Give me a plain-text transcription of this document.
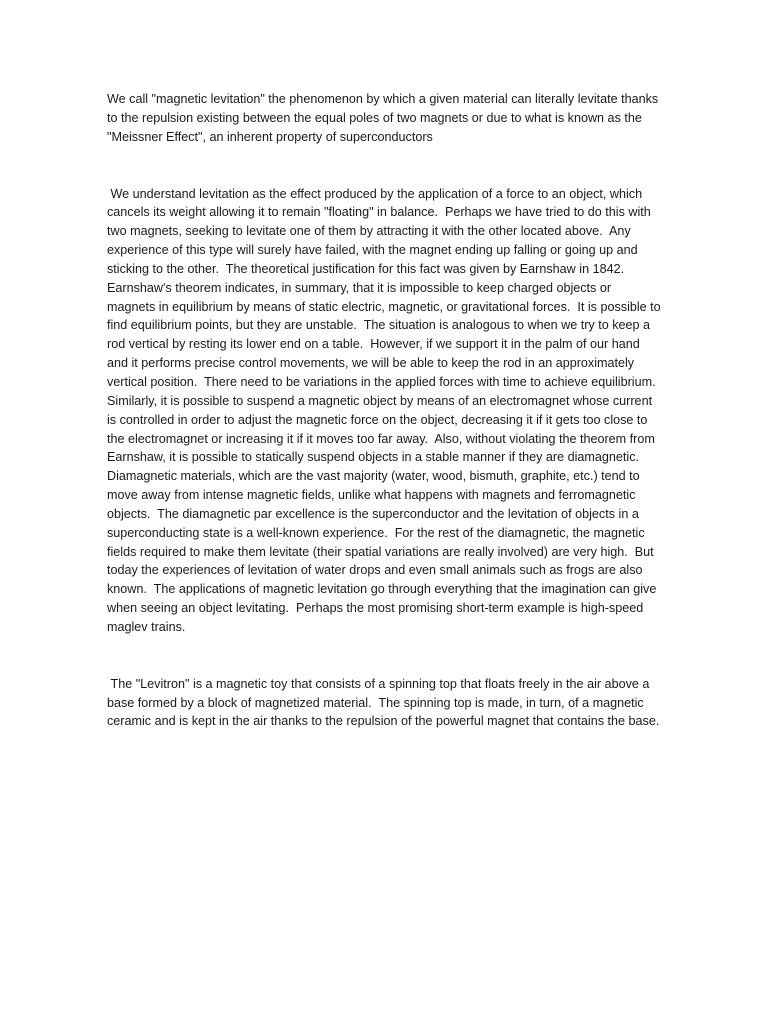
We call "magnetic levitation" the phenomenon by which a given material can literally levitate thanks to the repulsion existing between the equal poles of two magnets or due to what is known as the "Meissner Effect", an inherent property of superconductors

We understand levitation as the effect produced by the application of a force to an object, which cancels its weight allowing it to remain "floating" in balance.  Perhaps we have tried to do this with two magnets, seeking to levitate one of them by attracting it with the other located above.  Any experience of this type will surely have failed, with the magnet ending up falling or going up and sticking to the other.  The theoretical justification for this fact was given by Earnshaw in 1842.  Earnshaw's theorem indicates, in summary, that it is impossible to keep charged objects or magnets in equilibrium by means of static electric, magnetic, or gravitational forces.  It is possible to find equilibrium points, but they are unstable.  The situation is analogous to when we try to keep a rod vertical by resting its lower end on a table.  However, if we support it in the palm of our hand and it performs precise control movements, we will be able to keep the rod in an approximately vertical position.  There need to be variations in the applied forces with time to achieve equilibrium.  Similarly, it is possible to suspend a magnetic object by means of an electromagnet whose current is controlled in order to adjust the magnetic force on the object, decreasing it if it gets too close to the electromagnet or increasing it if it moves too far away.  Also, without violating the theorem from Earnshaw, it is possible to statically suspend objects in a stable manner if they are diamagnetic. Diamagnetic materials, which are the vast majority (water, wood, bismuth, graphite, etc.) tend to move away from intense magnetic fields, unlike what happens with magnets and ferromagnetic objects.  The diamagnetic par excellence is the superconductor and the levitation of objects in a superconducting state is a well-known experience.  For the rest of the diamagnetic, the magnetic fields required to make them levitate (their spatial variations are really involved) are very high.  But today the experiences of levitation of water drops and even small animals such as frogs are also known.  The applications of magnetic levitation go through everything that the imagination can give when seeing an object levitating.  Perhaps the most promising short-term example is high-speed maglev trains.

The "Levitron" is a magnetic toy that consists of a spinning top that floats freely in the air above a base formed by a block of magnetized material.  The spinning top is made, in turn, of a magnetic ceramic and is kept in the air thanks to the repulsion of the powerful magnet that contains the base.
